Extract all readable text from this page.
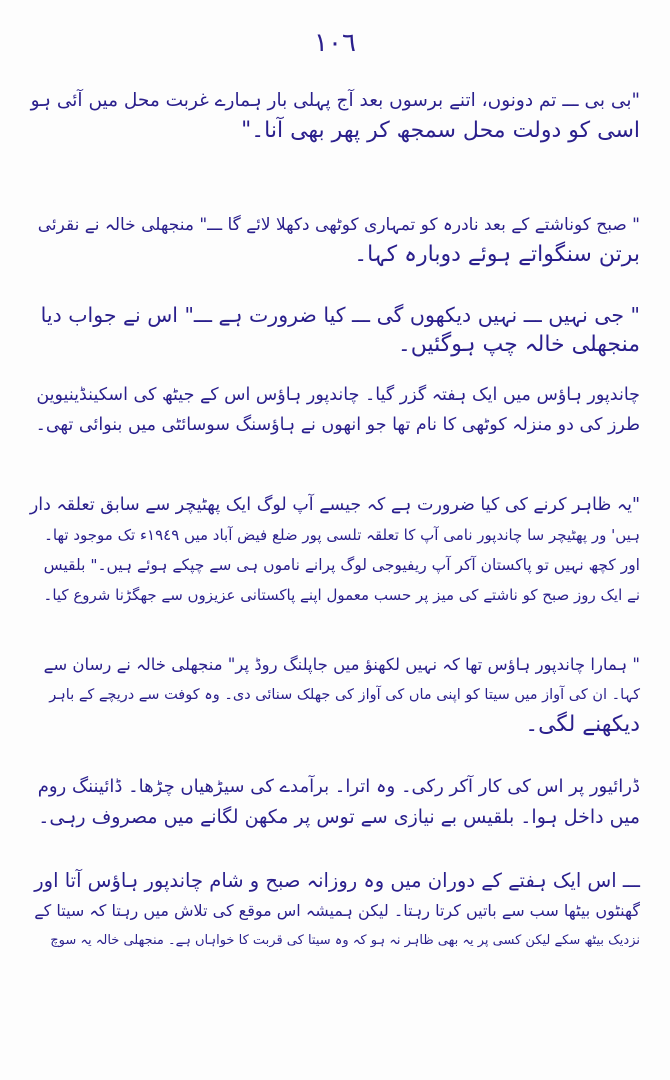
١٠٦
"بی بی ـــ تم دونوں، اتنے برسوں بعد آج پہلی بار ہمارے غربت محل میں آئی ہو
اسی کو دولت محل سمجھ کر پھر بھی آنا۔"
" صبح کوناشتے کے بعد نادرہ کو تمہاری کوٹھی دکھلا لائے گا ـــ" منجھلی خالہ نے نقرئی
برتن سنگواتے ہوئے دوبارہ کہا۔
" جی نہیں ـــ نہیں دیکھوں گی ـــ کیا ضرورت ہے ـــ" اس نے جواب دیا
منجھلی خالہ چپ ہوگئیں۔
چاندپور ہاؤس میں ایک ہفتہ گزر گیا۔ چاندپور ہاؤس اس کے جیٹھ کی اسکینڈینیوین
طرز کی دو منزلہ کوٹھی کا نام تھا جو انھوں نے ہاؤسنگ سوسائٹی میں بنوائی تھی۔
"یہ ظاہر کرنے کی کیا ضرورت ہے کہ جیسے آپ لوگ ایک پھٹیچر سے سابق تعلقہ دار
ہیں' ور پھٹیچر سا چاندپور نامی آپ کا تعلقہ تلسی پور ضلع فیض آباد میں ١٩٤٩ء تک موجود تھا۔
اور کچھ نہیں تو پاکستان آکر آپ ریفیوجی لوگ پرانے ناموں ہی سے چپکے ہوئے ہیں۔" بلقیس
نے ایک روز صبح کو ناشتے کی میز پر حسب معمول اپنے پاکستانی عزیزوں سے جھگڑنا شروع کیا۔
" ہمارا چاندپور ہاؤس تھا کہ نہیں لکھنؤ میں جاپلنگ روڈ پر" منجھلی خالہ نے رسان سے
کہا۔ ان کی آواز میں سیتا کو اپنی ماں کی آواز کی جھلک سنائی دی۔ وہ کوفت سے دریچے کے باہر
دیکھنے لگی۔
ڈرائیور پر اس کی کار آکر رکی۔ وہ اترا۔ برآمدے کی سیڑھیاں چڑھا۔ ڈائیننگ روم
میں داخل ہوا۔ بلقیس بے نیازی سے توس پر مکھن لگانے میں مصروف رہی۔
ـــ اس ایک ہفتے کے دوران میں وہ روزانہ صبح و شام چاندپور ہاؤس آتا اور
گھنٹوں بیٹھا سب سے باتیں کرتا رہتا۔ لیکن ہمیشہ اس موقع کی تلاش میں رہتا کہ سیتا کے
نزدیک بیٹھ سکے لیکن کسی پر یہ بھی ظاہر نہ ہو کہ وہ سیتا کی قربت کا خواہاں ہے۔ منجھلی خالہ یہ سوچ
